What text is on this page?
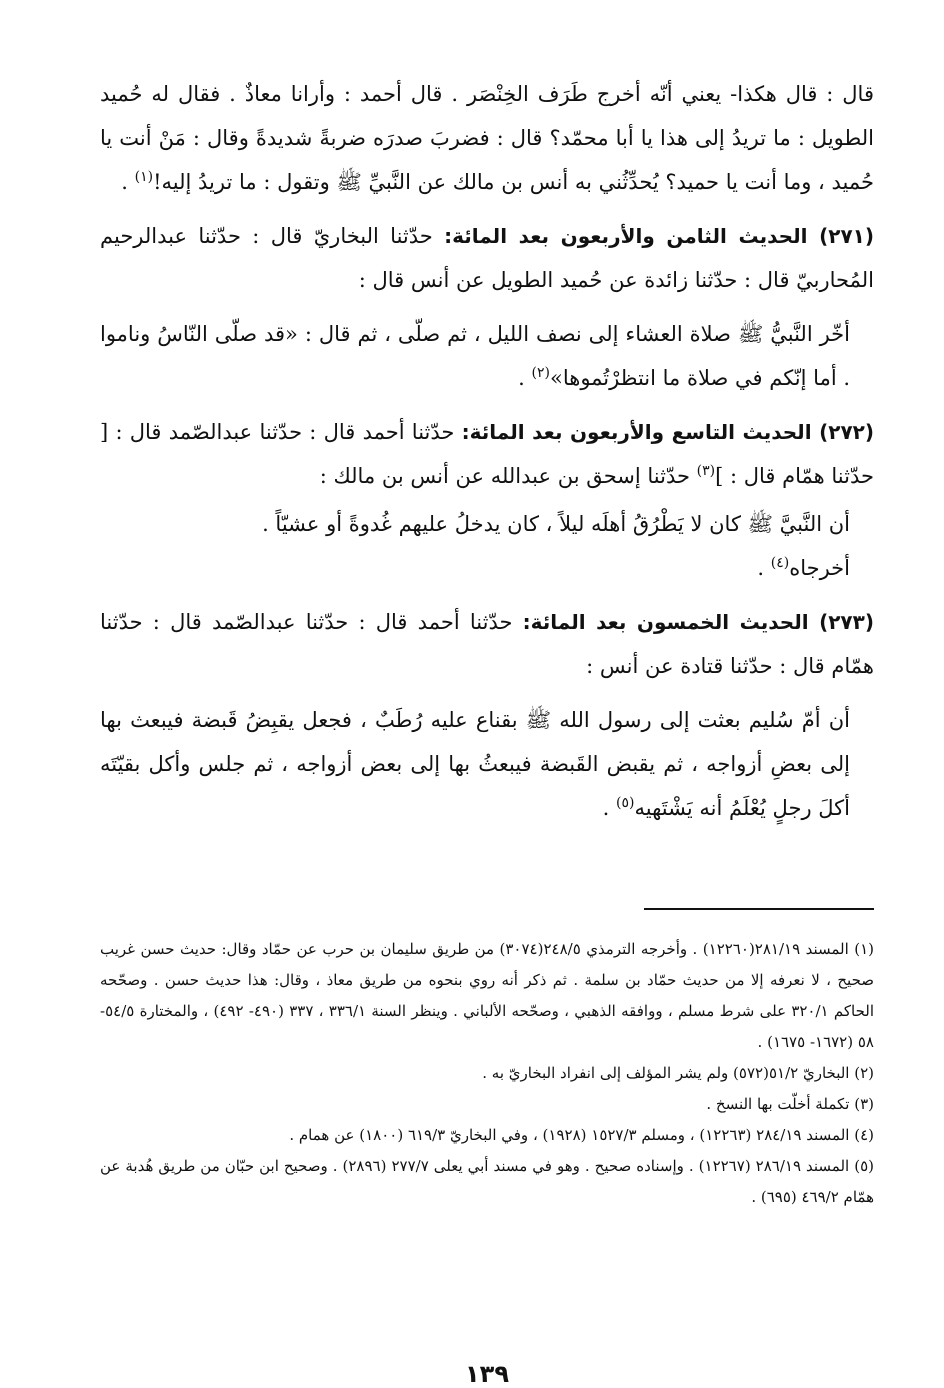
قال : قال هكذا- يعني أنّه أخرج طَرَف الخِنْصَر . قال أحمد : وأرانا معاذٌ . فقال له حُميد الطويل : ما تريدُ إلى هذا يا أبا محمّد؟ قال : فضربَ صدرَه ضربةً شديدةً وقال : مَنْ أنت يا حُميد ، وما أنت يا حميد؟ يُحدِّثُني به أنس بن مالك عن النَّبيِّ ﷺ وتقول : ما تريدُ إليه!$^{(١)}$ .

(٢٧١) الحديث الثامن والأربعون بعد المائة: حدّثنا البخاريّ قال : حدّثنا عبدالرحيم المُحاربيّ قال : حدّثنا زائدة عن حُميد الطويل عن أنس قال :

أخّر النَّبيُّ ﷺ صلاة العشاء إلى نصف الليل ، ثم صلّى ، ثم قال : «قد صلّى النّاسُ وناموا . أما إنّكم في صلاة ما انتظرْتُموها»$^{(٢)}$ .

(٢٧٢) الحديث التاسع والأربعون بعد المائة: حدّثنا أحمد قال : حدّثنا عبدالصّمد قال : [ حدّثنا همّام قال : ]$^{(٣)}$ حدّثنا إسحق بن عبدالله عن أنس بن مالك :

أن النَّبيَّ ﷺ كان لا يَطْرُقُ أهلَه ليلاً ، كان يدخلُ عليهم غُدوةً أو عشيّاً .
أخرجاه$^{(٤)}$ .

(٢٧٣) الحديث الخمسون بعد المائة: حدّثنا أحمد قال : حدّثنا عبدالصّمد قال : حدّثنا همّام قال : حدّثنا قتادة عن أنس :

أن أمّ سُليم بعثت إلى رسول الله ﷺ بقناع عليه رُطَبٌ ، فجعل يقبِضُ قَبضة فيبعث بها إلى بعضِ أزواجه ، ثم يقبض القَبضة فيبعثُ بها إلى بعض أزواجه ، ثم جلس وأكل بقيّتَه أكلَ رجلٍ يُعْلَمُ أنه يَشْتَهيه$^{(٥)}$ .

(١) المسند ٢٨١/١٩(١٢٢٦٠) . وأخرجه الترمذي ٢٤٨/٥(٣٠٧٤) من طريق سليمان بن حرب عن حمّاد وقال: حديث حسن غريب صحيح ، لا نعرفه إلا من حديث حمّاد بن سلمة . ثم ذكر أنه روي بنحوه من طريق معاذ ، وقال: هذا حديث حسن . وصحّحه الحاكم ٣٢٠/١ على شرط مسلم ، ووافقه الذهبي ، وصحّحه الألباني . وينظر السنة ٣٣٦/١ ، ٣٣٧ (٤٩٠- ٤٩٢) ، والمختارة ٥٤/٥- ٥٨ (١٦٧٢- ١٦٧٥) .

(٢) البخاريّ ٥١/٢(٥٧٢) ولم يشر المؤلف إلى انفراد البخاريّ به .

(٣) تكملة أخلّت بها النسخ .

(٤) المسند ٢٨٤/١٩ (١٢٢٦٣) ، ومسلم ١٥٢٧/٣ (١٩٢٨) ، وفي البخاريّ ٦١٩/٣ (١٨٠٠) عن همام .

(٥) المسند ٢٨٦/١٩ (١٢٢٦٧) . وإسناده صحيح . وهو في مسند أبي يعلى ٢٧٧/٧ (٢٨٩٦) . وصحيح ابن حبّان من طريق هُدبة عن همّام ٤٦٩/٢ (٦٩٥) .

١٣٩
